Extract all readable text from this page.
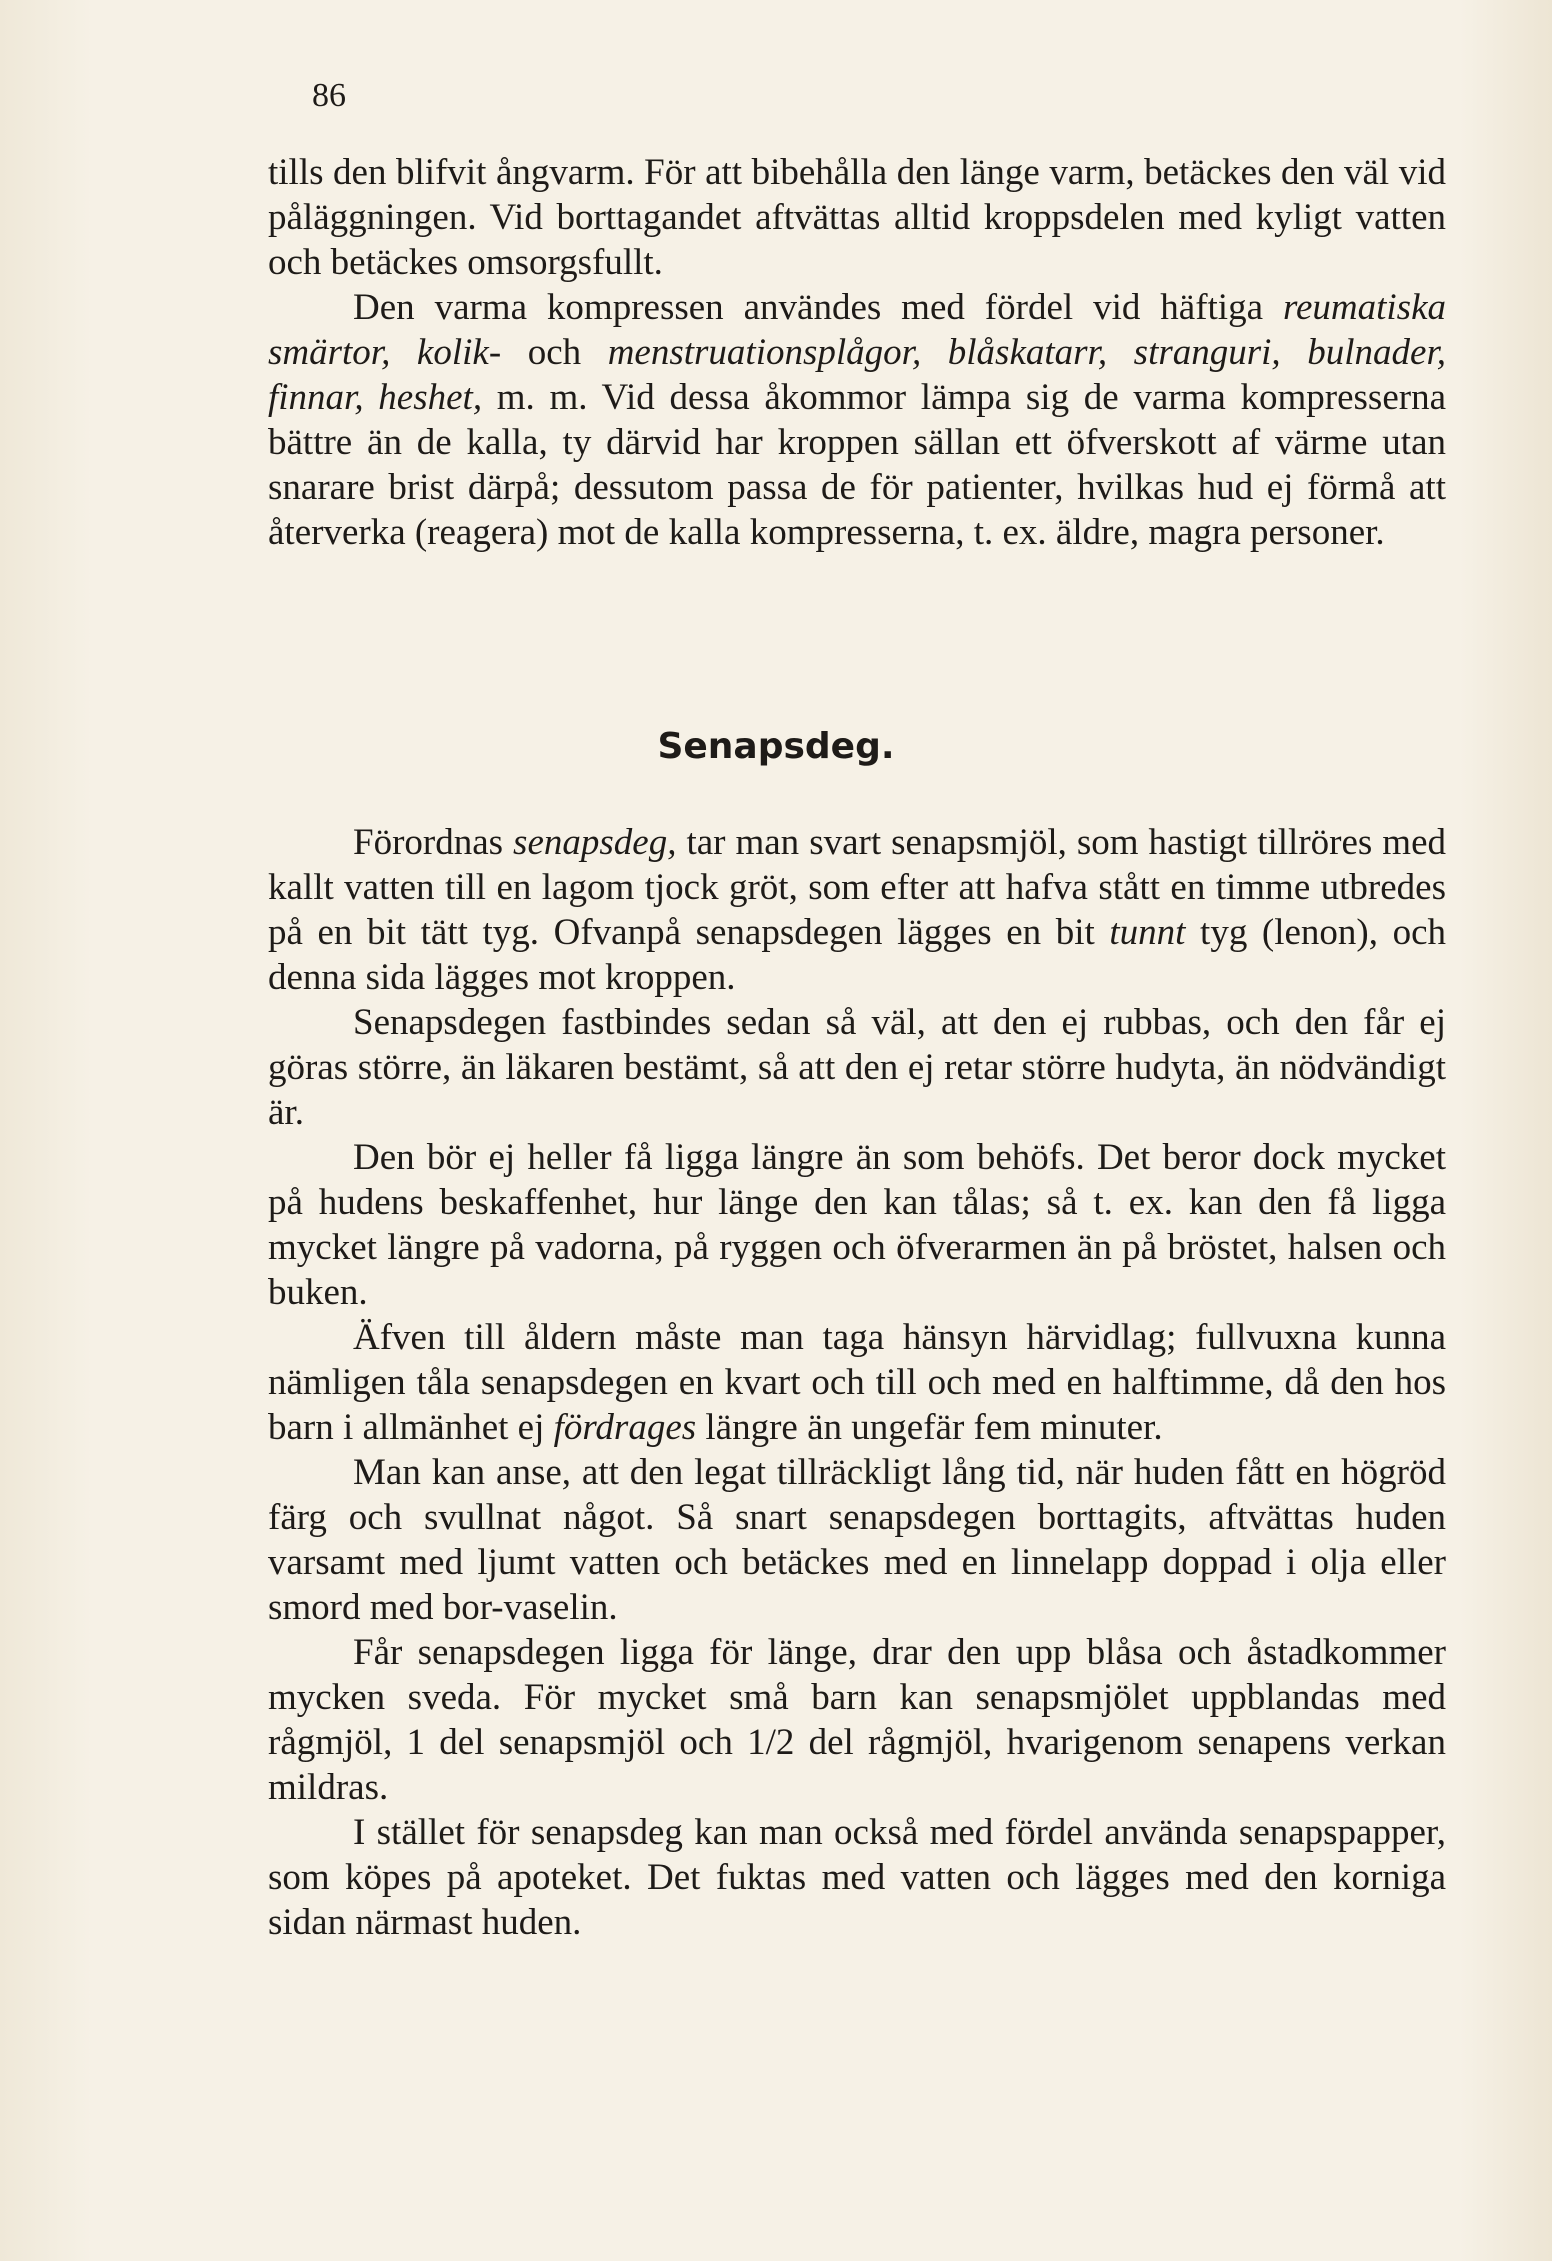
86

tills den blifvit ångvarm. För att bibehålla den länge varm, betäckes den väl vid påläggningen. Vid borttagandet aftvättas alltid kroppsdelen med kyligt vatten och betäckes omsorgsfullt.

Den varma kompressen användes med fördel vid häftiga reumatiska smärtor, kolik- och menstruationsplågor, blåskatarr, stranguri, bulnader, finnar, heshet, m. m. Vid dessa åkommor lämpa sig de varma kompresserna bättre än de kalla, ty därvid har kroppen sällan ett öfverskott af värme utan snarare brist därpå; dessutom passa de för patienter, hvilkas hud ej förmå att återverka (reagera) mot de kalla kompresserna, t. ex. äldre, magra personer.

Senapsdeg.

Förordnas senapsdeg, tar man svart senapsmjöl, som hastigt tillröres med kallt vatten till en lagom tjock gröt, som efter att hafva stått en timme utbredes på en bit tätt tyg. Ofvanpå senapsdegen lägges en bit tunnt tyg (lenon), och denna sida lägges mot kroppen.

Senapsdegen fastbindes sedan så väl, att den ej rubbas, och den får ej göras större, än läkaren bestämt, så att den ej retar större hudyta, än nödvändigt är.

Den bör ej heller få ligga längre än som behöfs. Det beror dock mycket på hudens beskaffenhet, hur länge den kan tålas; så t. ex. kan den få ligga mycket längre på vadorna, på ryggen och öfverarmen än på bröstet, halsen och buken.

Äfven till åldern måste man taga hänsyn härvidlag; fullvuxna kunna nämligen tåla senapsdegen en kvart och till och med en halftimme, då den hos barn i allmänhet ej fördrages längre än ungefär fem minuter.

Man kan anse, att den legat tillräckligt lång tid, när huden fått en högröd färg och svullnat något. Så snart senapsdegen borttagits, aftvättas huden varsamt med ljumt vatten och betäckes med en linnelapp doppad i olja eller smord med bor-vaselin.

Får senapsdegen ligga för länge, drar den upp blåsa och åstadkommer mycken sveda. För mycket små barn kan senapsmjölet uppblandas med rågmjöl, 1 del senapsmjöl och 1/2 del rågmjöl, hvarigenom senapens verkan mildras.

I stället för senapsdeg kan man också med fördel använda senapspapper, som köpes på apoteket. Det fuktas med vatten och lägges med den korniga sidan närmast huden.
